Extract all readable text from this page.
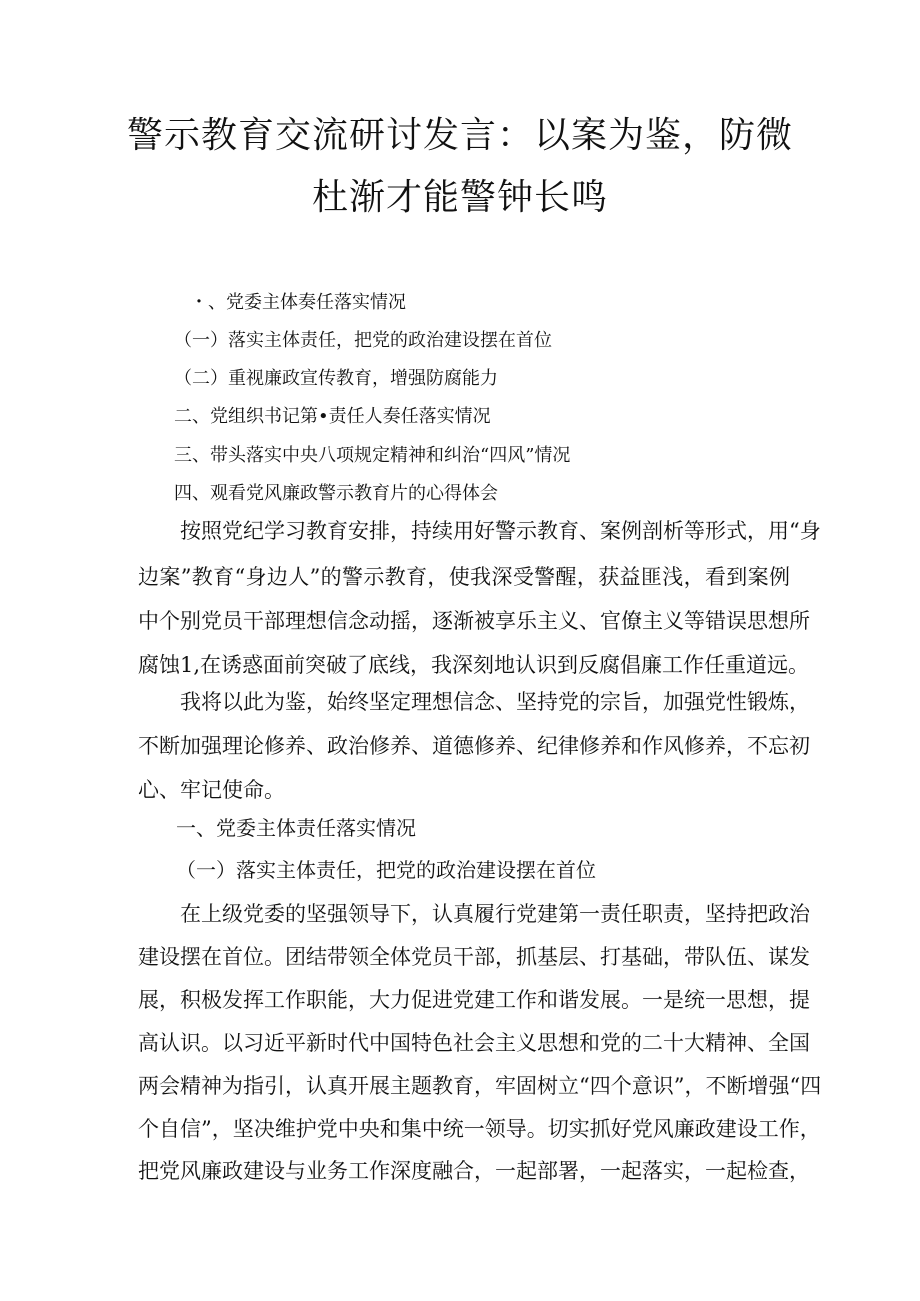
警示教育交流研讨发言：以案为鉴，防微
杜渐才能警钟长鸣
・、党委主体奏任落实情况
（一）落实主体责任，把党的政治建设摆在首位
（二）重视廉政宣传教育，增强防腐能力
二、党组织书记第•责任人奏任落实情况
三、带头落实中央八项规定精神和纠治“四风”情况
四、观看党风廉政警示教育片的心得体会
按照党纪学习教育安排，持续用好警示教育、案例剖析等形式，用“身
边案”教育“身边人”的警示教育，使我深受警醒，获益匪浅，看到案例
中个别党员干部理想信念动摇，逐渐被享乐主义、官僚主义等错误思想所
腐蚀1,在诱惑面前突破了底线，我深刻地认识到反腐倡廉工作任重道远。
我将以此为鉴，始终坚定理想信念、坚持党的宗旨，加强党性锻炼，
不断加强理论修养、政治修养、道德修养、纪律修养和作风修养，不忘初
心、牢记使命。
一、党委主体责任落实情况
（一）落实主体责任，把党的政治建设摆在首位
在上级党委的坚强领导下，认真履行党建第一责任职责，坚持把政治
建设摆在首位。团结带领全体党员干部，抓基层、打基础，带队伍、谋发
展，积极发挥工作职能，大力促进党建工作和谐发展。一是统一思想，提
高认识。以习近平新时代中国特色社会主义思想和党的二十大精神、全国
两会精神为指引，认真开展主题教育，牢固树立“四个意识”，不断增强“四
个自信”，坚决维护党中央和集中统一领导。切实抓好党风廉政建设工作，
把党风廉政建设与业务工作深度融合，一起部署，一起落实，一起检查，
